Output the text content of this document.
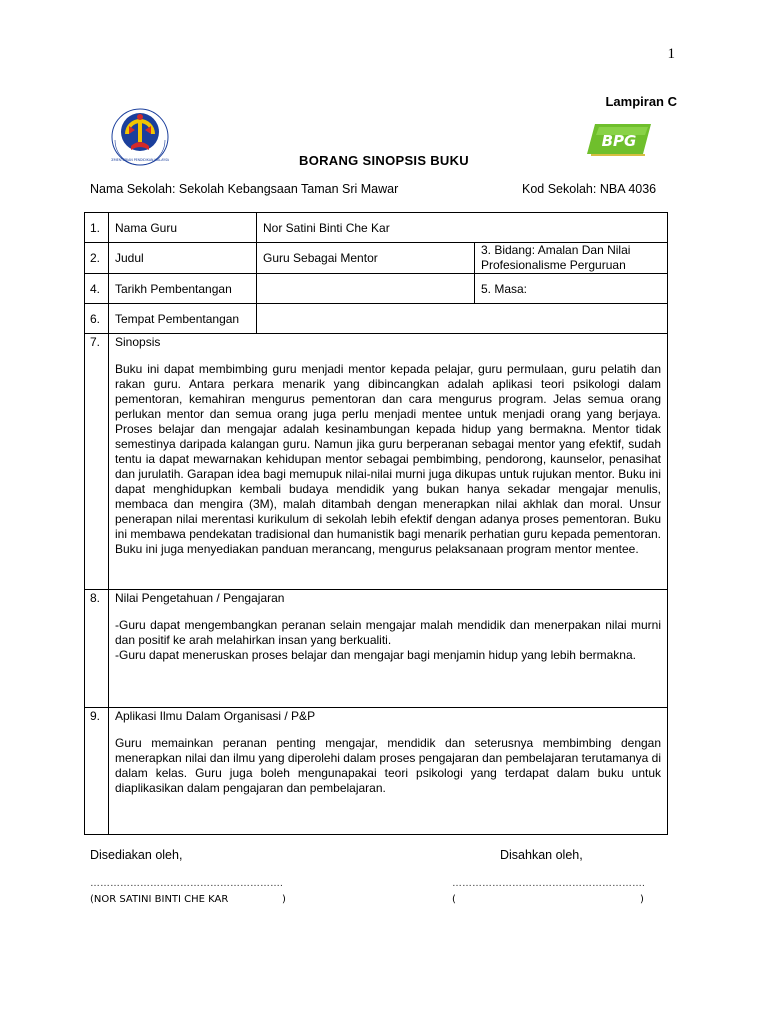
1
Lampiran C
KEMENTERIAN PENDIDIKAN MALAYSIA
BPG
BORANG SINOPSIS BUKU
Nama Sekolah: Sekolah Kebangsaan Taman Sri Mawar	Kod Sekolah: NBA 4036
1.	Nama Guru	Nor Satini Binti Che Kar	
2.	Judul	Guru Sebagai Mentor	3. Bidang: Amalan Dan Nilai Profesionalisme Perguruan
4.	Tarikh Pembentangan		5. Masa:
6.	Tempat Pembentangan		
7.	Sinopsis
Buku ini dapat membimbing guru menjadi mentor kepada pelajar, guru permulaan, guru pelatih dan rakan guru. Antara perkara menarik yang dibincangkan adalah aplikasi teori psikologi dalam pementoran, kemahiran mengurus pementoran dan cara mengurus program. Jelas semua orang perlukan mentor dan semua orang juga perlu menjadi mentee untuk menjadi orang yang berjaya. Proses belajar dan mengajar adalah kesinambungan kepada hidup yang bermakna. Mentor tidak semestinya daripada kalangan guru. Namun jika guru berperanan sebagai mentor yang efektif, sudah tentu ia dapat mewarnakan kehidupan mentor sebagai pembimbing, pendorong, kaunselor, penasihat dan jurulatih. Garapan idea bagi memupuk nilai-nilai murni juga dikupas untuk rujukan mentor. Buku ini dapat menghidupkan kembali budaya mendidik yang bukan hanya sekadar mengajar menulis, membaca dan mengira (3M), malah ditambah dengan menerapkan nilai akhlak dan moral. Unsur penerapan nilai merentasi kurikulum di sekolah lebih efektif dengan adanya proses pementoran. Buku ini membawa pendekatan tradisional dan humanistik bagi menarik perhatian guru kepada pementoran. Buku ini juga menyediakan panduan merancang, mengurus pelaksanaan program mentor mentee.		

8.	Nilai Pengetahuan / Pengajaran
-Guru dapat mengembangkan peranan selain mengajar malah mendidik dan menerpakan nilai murni dan positif ke arah melahirkan insan yang berkualiti.
-Guru dapat meneruskan proses belajar dan mengajar bagi menjamin hidup yang lebih bermakna.		

9.	Aplikasi Ilmu Dalam Organisasi / P&P
Guru memainkan peranan penting mengajar, mendidik dan seterusnya membimbing dengan menerapkan nilai dan ilmu yang diperolehi dalam proses pengajaran dan pembelajaran terutamanya di dalam kelas. Guru juga boleh mengunapakai teori psikologi yang terdapat dalam buku untuk diaplikasikan dalam pengajaran dan pembelajaran.		
Disediakan oleh,	Disahkan oleh,
………………………………………………….	………………………………………………….
(NOR SATINI BINTI CHE KAR	)	(	)
